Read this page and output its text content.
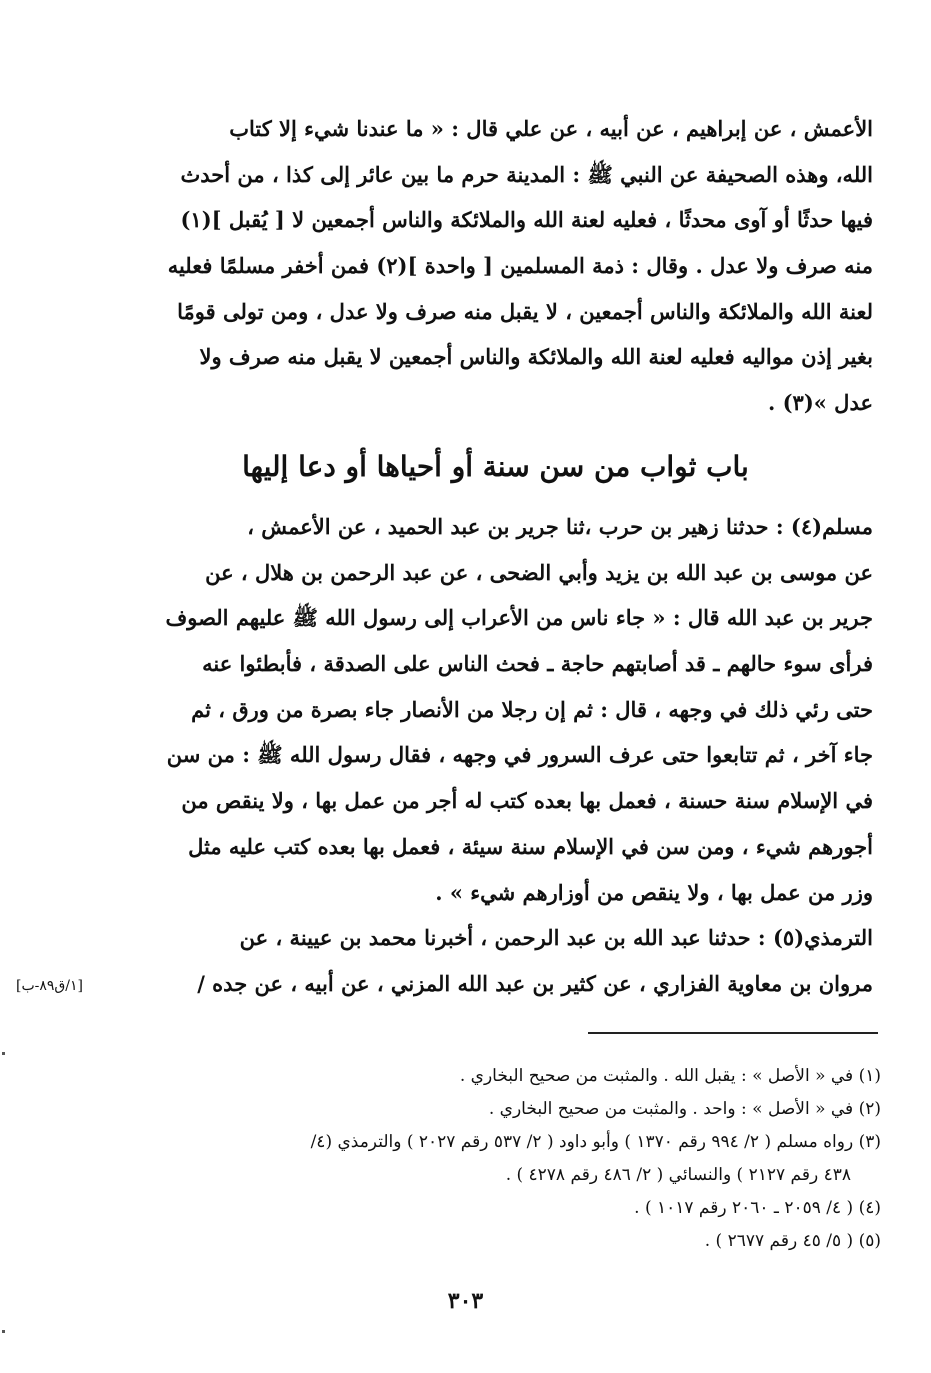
الأعمش ، عن إبراهيم ، عن أبيه ، عن علي قال : « ما عندنا شيء إلا كتاب
الله، وهذه الصحيفة عن النبي ﷺ : المدينة حرم ما بين عائر إلى كذا ، من أحدث
فيها حدثًا أو آوى محدثًا ، فعليه لعنة الله والملائكة والناس أجمعين لا [ يُقبل ](١)
منه صرف ولا عدل . وقال : ذمة المسلمين [ واحدة ](٢) فمن أخفر مسلمًا فعليه
لعنة الله والملائكة والناس أجمعين ، لا يقبل منه صرف ولا عدل ، ومن تولى قومًا
بغير إذن مواليه فعليه لعنة الله والملائكة والناس أجمعين لا يقبل منه صرف ولا
عدل »(٣) .
باب ثواب من سن سنة أو أحياها أو دعا إليها
مسلم(٤) : حدثنا زهير بن حرب ،ثنا جرير بن عبد الحميد ، عن الأعمش ،
عن موسى بن عبد الله بن يزيد وأبي الضحى ، عن عبد الرحمن بن هلال ، عن
جرير بن عبد الله قال : « جاء ناس من الأعراب إلى رسول الله ﷺ عليهم الصوف
فرأى سوء حالهم ـ قد أصابتهم حاجة ـ فحث الناس على الصدقة ، فأبطئوا عنه
حتى رئي ذلك في وجهه ، قال : ثم إن رجلا من الأنصار جاء بصرة من ورق ، ثم
جاء آخر ، ثم تتابعوا حتى عرف السرور في وجهه ، فقال رسول الله ﷺ : من سن
في الإسلام سنة حسنة ، فعمل بها بعده كتب له أجر من عمل بها ، ولا ينقص من
أجورهم شيء ، ومن سن في الإسلام سنة سيئة ، فعمل بها بعده كتب عليه مثل
وزر من عمل بها ، ولا ينقص من أوزارهم شيء » .
الترمذي(٥) : حدثنا عبد الله بن عبد الرحمن ، أخبرنا محمد بن عيينة ، عن
مروان بن معاوية الفزاري ، عن كثير بن عبد الله المزني ، عن أبيه ، عن جده /
[١/ق٨٩-ب]
(١) في « الأصل » : يقبل الله . والمثبت من صحيح البخاري .
(٢) في « الأصل » : واحد . والمثبت من صحيح البخاري .
(٣) رواه مسلم ( ٢/ ٩٩٤ رقم ١٣٧٠ ) وأبو داود ( ٢/ ٥٣٧ رقم ٢٠٢٧ ) والترمذي (٤/
٤٣٨ رقم ٢١٢٧ ) والنسائي ( ٢/ ٤٨٦ رقم ٤٢٧٨ ) .
(٤) ( ٤/ ٢٠٥٩ ـ ٢٠٦٠ رقم ١٠١٧ ) .
(٥) ( ٥/ ٤٥ رقم ٢٦٧٧ ) .
٣٠٣
